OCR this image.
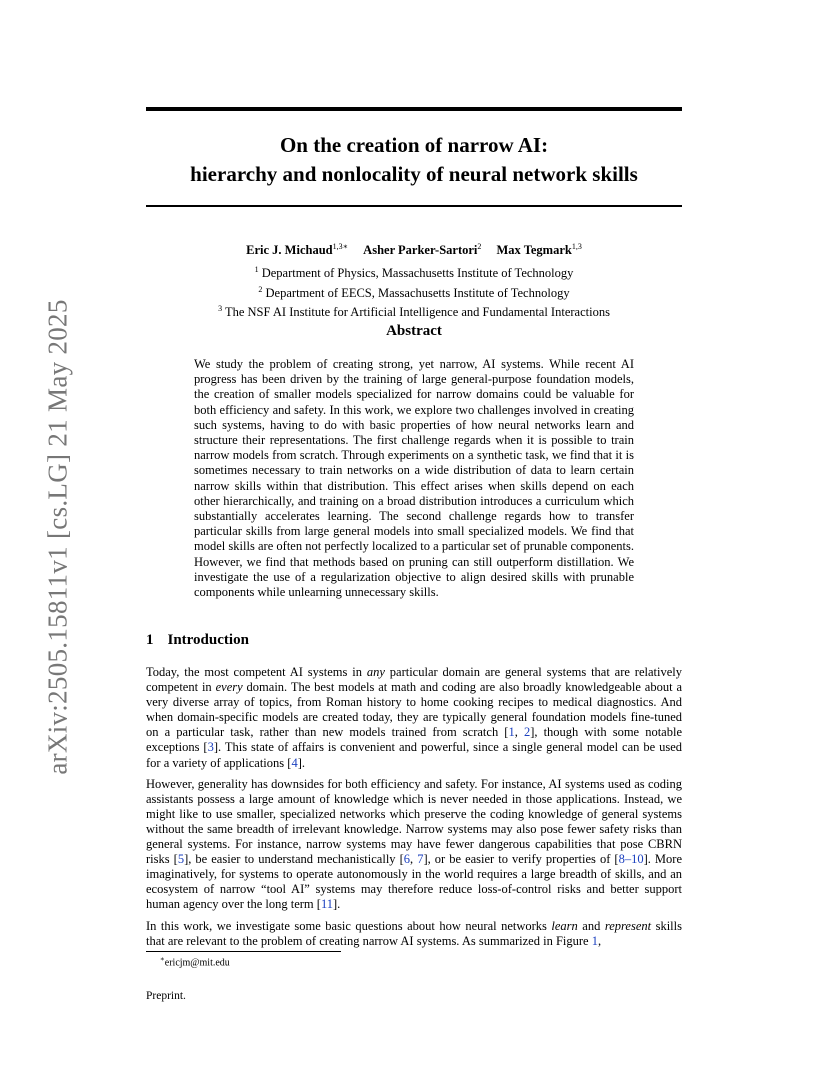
arXiv:2505.15811v1 [cs.LG] 21 May 2025
On the creation of narrow AI:
hierarchy and nonlocality of neural network skills
Eric J. Michaud$^{1,3∗}$ Asher Parker-Sartori$^2$ Max Tegmark$^{1,3}$
$^1$ Department of Physics, Massachusetts Institute of Technology
$^2$ Department of EECS, Massachusetts Institute of Technology
$^3$ The NSF AI Institute for Artificial Intelligence and Fundamental Interactions
Abstract
We study the problem of creating strong, yet narrow, AI systems. While recent AI progress has been driven by the training of large general-purpose foundation models, the creation of smaller models specialized for narrow domains could be valuable for both efficiency and safety. In this work, we explore two challenges involved in creating such systems, having to do with basic properties of how neural networks learn and structure their representations. The first challenge regards when it is possible to train narrow models from scratch. Through experiments on a synthetic task, we find that it is sometimes necessary to train networks on a wide distribution of data to learn certain narrow skills within that distribution. This effect arises when skills depend on each other hierarchically, and training on a broad distribution introduces a curriculum which substantially accelerates learning. The second challenge regards how to transfer particular skills from large general models into small specialized models. We find that model skills are often not perfectly localized to a particular set of prunable components. However, we find that methods based on pruning can still outperform distillation. We investigate the use of a regularization objective to align desired skills with prunable components while unlearning unnecessary skills.
1 Introduction

Today, the most competent AI systems in any particular domain are general systems that are relatively competent in every domain. The best models at math and coding are also broadly knowledgeable about a very diverse array of topics, from Roman history to home cooking recipes to medical diagnostics. And when domain-specific models are created today, they are typically general foundation models fine-tuned on a particular task, rather than new models trained from scratch [1, 2], though with some notable exceptions [3]. This state of affairs is convenient and powerful, since a single general model can be used for a variety of applications [4].

However, generality has downsides for both efficiency and safety. For instance, AI systems used as coding assistants possess a large amount of knowledge which is never needed in those applications. Instead, we might like to use smaller, specialized networks which preserve the coding knowledge of general systems without the same breadth of irrelevant knowledge. Narrow systems may also pose fewer safety risks than general systems. For instance, narrow systems may have fewer dangerous capabilities that pose CBRN risks [5], be easier to understand mechanistically [6, 7], or be easier to verify properties of [8–10]. More imaginatively, for systems to operate autonomously in the world requires a large breadth of skills, and an ecosystem of narrow “tool AI” systems may therefore reduce loss-of-control risks and better support human agency over the long term [11].

In this work, we investigate some basic questions about how neural networks learn and represent skills that are relevant to the problem of creating narrow AI systems. As summarized in Figure 1,

∗ericjm@mit.edu
Preprint.
